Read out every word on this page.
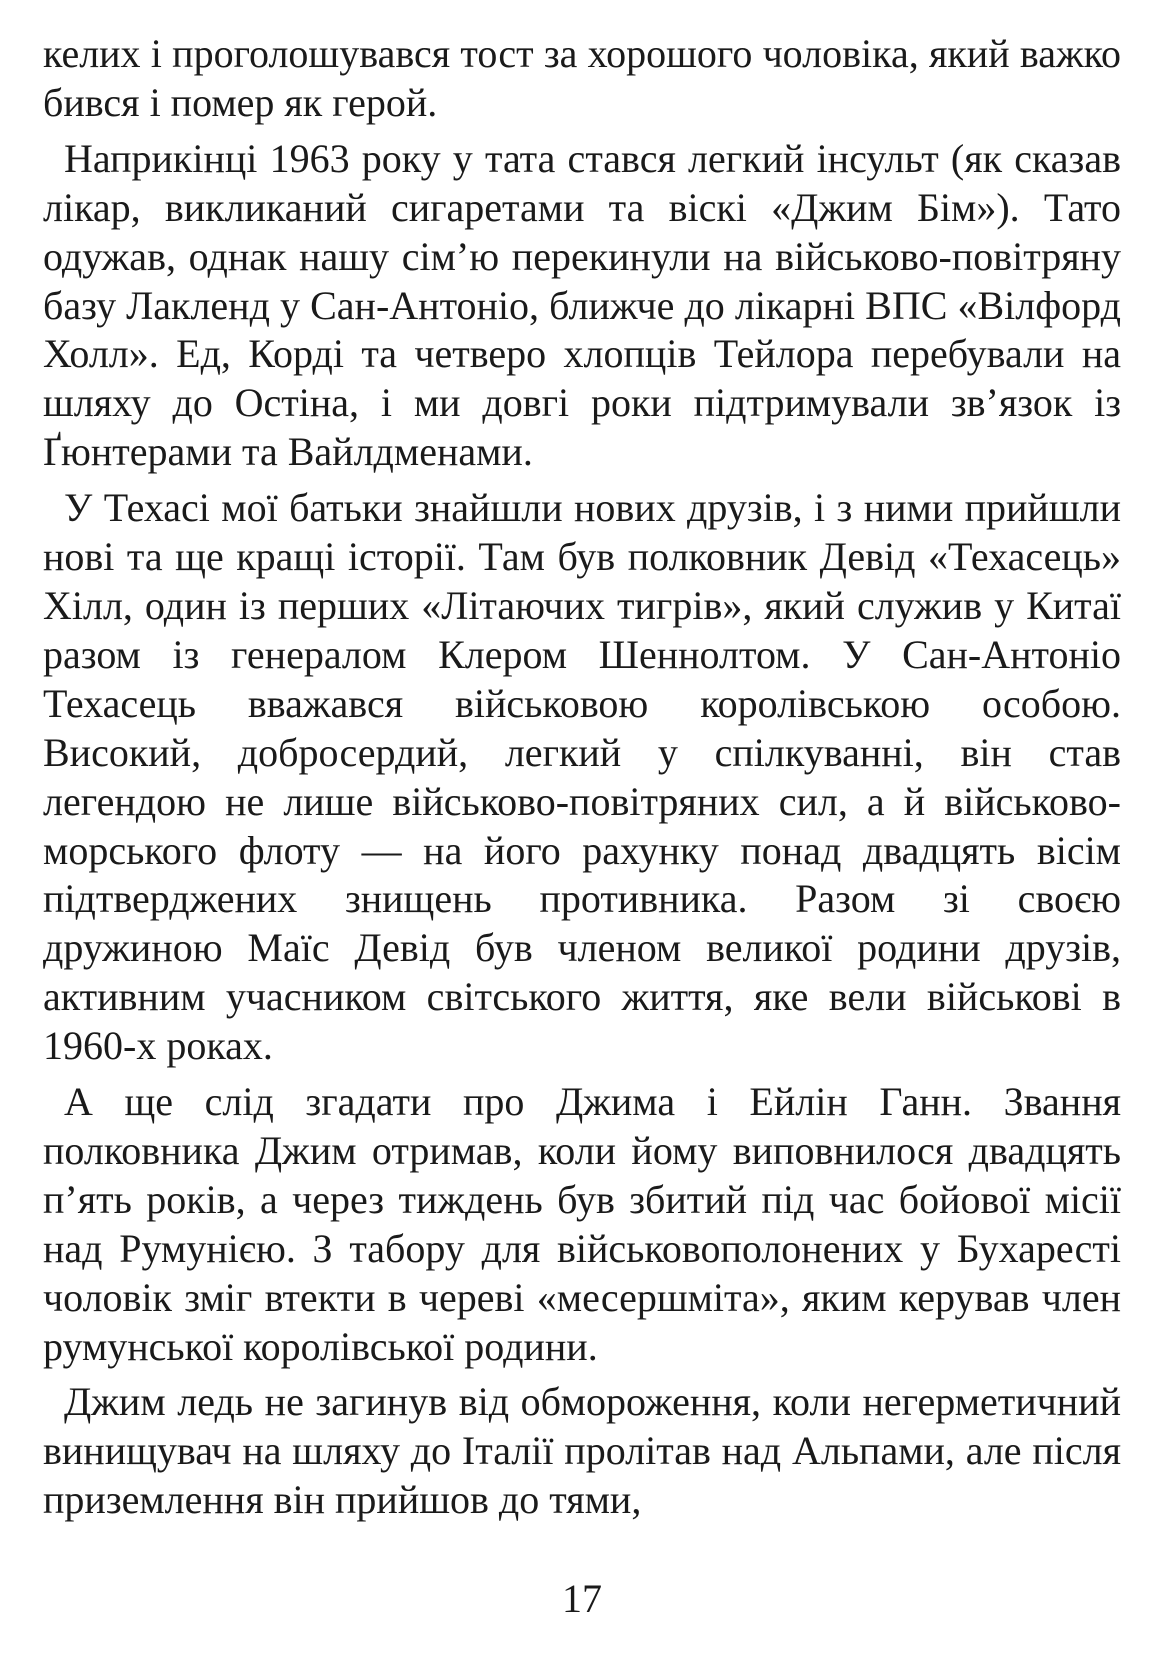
келих і проголошувався тост за хорошого чоловіка, який важко бився і помер як герой.

Наприкінці 1963 року у тата стався легкий інсульт (як сказав лікар, викликаний сигаретами та віскі «Джим Бім»). Тато одужав, однак нашу сім’ю перекинули на військово-повітряну базу Лакленд у Сан-Антоніо, ближче до лікарні ВПС «Вілфорд Холл». Ед, Корді та четверо хлопців Тейлора перебували на шляху до Остіна, і ми довгі роки підтримували зв’язок із Ґюнтерами та Вайлдменами.

У Техасі мої батьки знайшли нових друзів, і з ними прийшли нові та ще кращі історії. Там був полковник Девід «Техасець» Хілл, один із перших «Літаючих тигрів», який служив у Китаї разом із генералом Клером Шеннолтом. У Сан-Антоніо Техасець вважався військовою королівською особою. Високий, добросердий, легкий у спілкуванні, він став легендою не лише військово-повітряних сил, а й військово-морського флоту — на його рахунку понад двадцять вісім підтверджених знищень противника. Разом зі своєю дружиною Маїс Девід був членом великої родини друзів, активним учасником світського життя, яке вели військові в 1960-х роках.

А ще слід згадати про Джима і Ейлін Ганн. Звання полковника Джим отримав, коли йому виповнилося двадцять п’ять років, а через тиждень був збитий під час бойової місії над Румунією. З табору для військовополонених у Бухаресті чоловік зміг втекти в череві «месершміта», яким керував член румунської королівської родини.

Джим ледь не загинув від обмороження, коли негерметичний винищувач на шляху до Італії пролітав над Альпами, але після приземлення він прийшов до тями,

17
